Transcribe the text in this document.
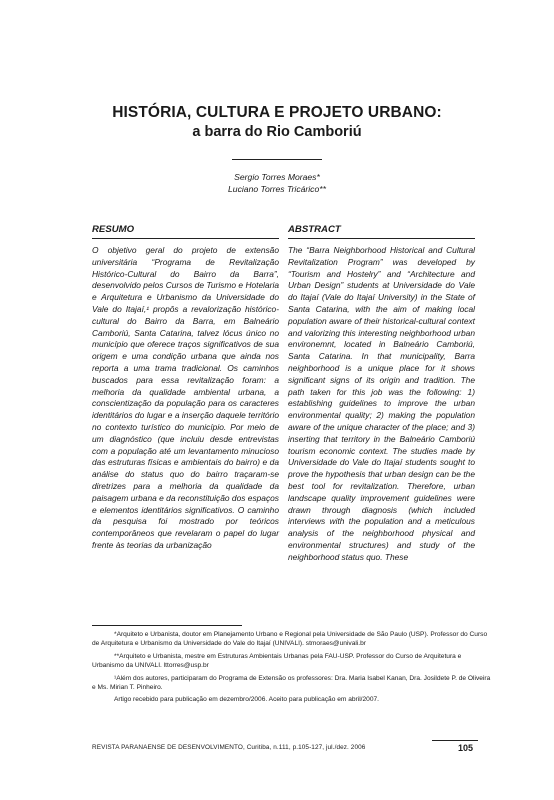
HISTÓRIA, CULTURA E PROJETO URBANO:
a barra do Rio Camboriú
Sergio Torres Moraes*
Luciano Torres Tricárico**
RESUMO

O objetivo geral do projeto de extensão universitária “Programa de Revitalização Histórico-Cultural do Bairro da Barra”, desenvolvido pelos Cursos de Turismo e Hotelaria e Arquitetura e Urbanismo da Universidade do Vale do Itajaí,¹ propôs a revalorização histórico-cultural do Bairro da Barra, em Balneário Camboriú, Santa Catarina, talvez lócus único no município que oferece traços significativos de sua origem e uma condição urbana que ainda nos reporta a uma trama tradicional. Os caminhos buscados para essa revitalização foram: a melhoria da qualidade ambiental urbana, a conscientização da população para os caracteres identitários do lugar e a inserção daquele território no contexto turístico do município. Por meio de um diagnóstico (que incluiu desde entrevistas com a população até um levantamento minucioso das estruturas físicas e ambientais do bairro) e da análise do status quo do bairro traçaram-se diretrizes para a melhoria da qualidade da paisagem urbana e da reconstituição dos espaços e elementos identitários significativos. O caminho da pesquisa foi mostrado por teóricos contemporâneos que revelaram o papel do lugar frente às teorias da urbanização

ABSTRACT

The “Barra Neighborhood Historical and Cultural Revitalization Program” was developed by “Tourism and Hostelry” and “Architecture and Urban Design” students at Universidade do Vale do Itajaí (Vale do Itajaí University) in the State of Santa Catarina, with the aim of making local population aware of their historical-cultural context and valorizing this interesting neighborhood urban environemnt, located in Balneário Camboriú, Santa Catarina. In that municipality, Barra neighborhood is a unique place for it shows significant signs of its origin and tradition. The path taken for this job was the following: 1) establishing guidelines to improve the urban environmental quality; 2) making the population aware of the unique character of the place; and 3) inserting that territory in the Balneário Camboriú tourism economic context. The studies made by Universidade do Vale do Itajaí students sought to prove the hypothesis that urban design can be the best tool for revitalization. Therefore, urban landscape quality improvement guidelines were drawn through diagnosis (which included interviews with the population and a meticulous analysis of the neighborhood physical and environmental structures) and study of the neighborhood status quo. These

*Arquiteto e Urbanista, doutor em Planejamento Urbano e Regional pela Universidade de São Paulo (USP). Professor do Curso de Arquitetura e Urbanismo da Universidade do Vale do Itajaí (UNIVALI). stmoraes@univali.br

**Arquiteto e Urbanista, mestre em Estruturas Ambientais Urbanas pela FAU-USP. Professor do Curso de Arquitetura e Urbanismo da UNIVALI. lttorres@usp.br

¹Além dos autores, participaram do Programa de Extensão os professores: Dra. Maria Isabel Kanan, Dra. Josildete P. de Oliveira e Ms. Mirian T. Pinheiro.

Artigo recebido para publicação em dezembro/2006. Aceito para publicação em abril/2007.

REVISTA PARANAENSE DE DESENVOLVIMENTO, Curitiba, n.111, p.105-127, jul./dez. 2006	105
